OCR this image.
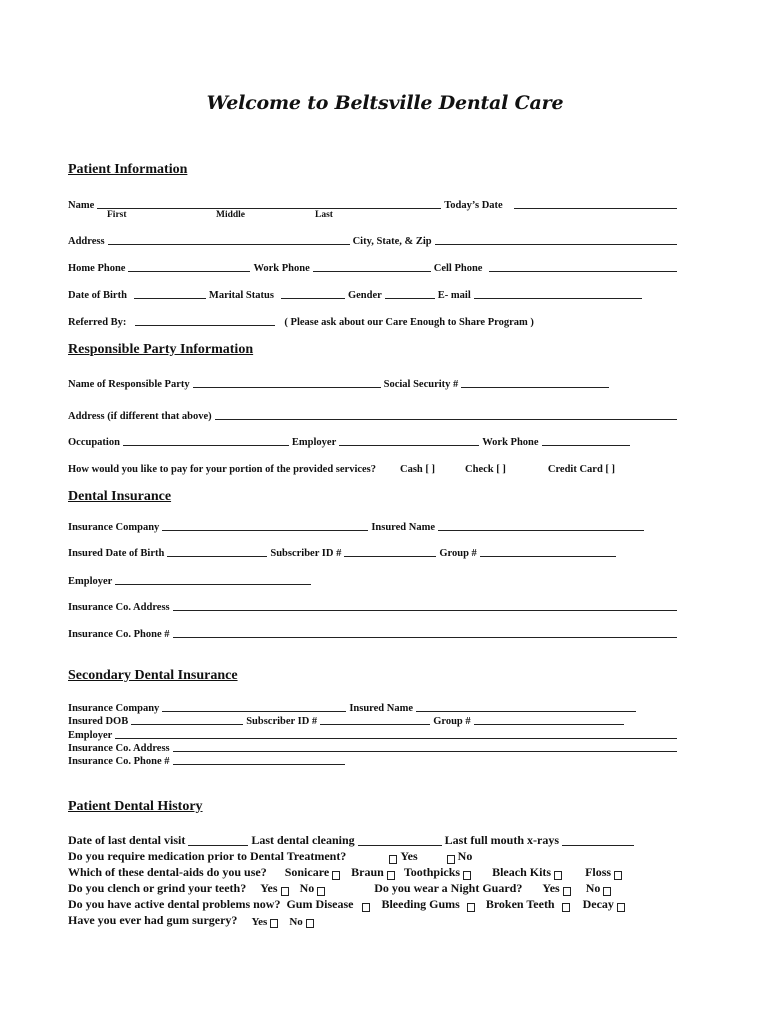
Welcome to Beltsville Dental Care
Patient Information
Name	Today’s Date
First	Middle	Last
Address	City, State, & Zip
Home Phone	Work Phone	Cell Phone
Date of Birth	Marital Status	Gender	E- mail
Referred By:	( Please ask about our Care Enough to Share Program )
Responsible Party Information
Name of Responsible Party	Social Security #
Address (if different that above)
Occupation	Employer	Work Phone
How would you like to pay for your portion of the provided services? Cash [ ]	Check [ ]	Credit Card [ ]
Dental Insurance
Insurance Company	Insured Name
Insured Date of Birth	Subscriber ID #	Group #
Employer
Insurance Co. Address
Insurance Co. Phone #
Secondary Dental Insurance
Insurance Company	Insured Name
Insured DOB	Subscriber ID #	Group #
Employer
Insurance Co. Address
Insurance Co. Phone #
Patient Dental History
Date of last dental visit	Last dental cleaning	Last full mouth x-rays
Do you require medication prior to Dental Treatment?	Yes	No
Which of these dental-aids do you use? Sonicare Braun Toothpicks	Bleach Kits	Floss
Do you clench or grind your teeth? Yes No	Do you wear a Night Guard? Yes No
Do you have active dental problems now? Gum Disease Bleeding Gums Broken Teeth Decay
Have you ever had gum surgery? Yes No
